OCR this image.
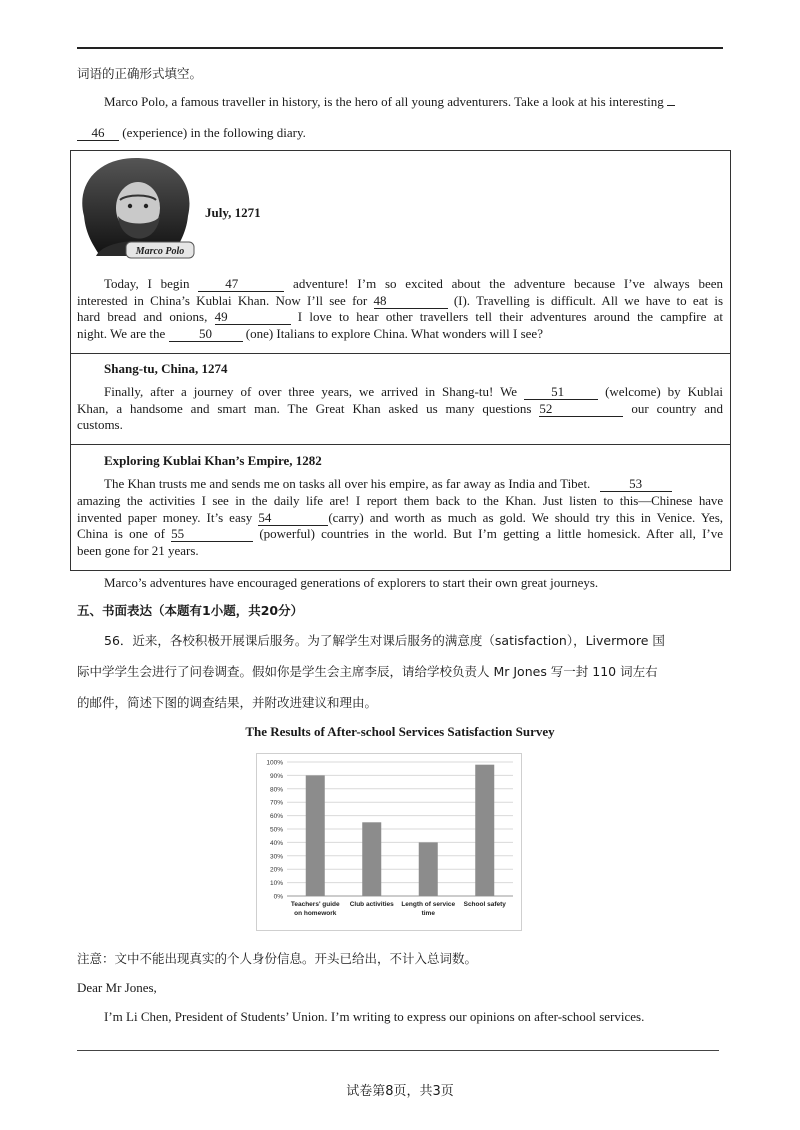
词语的正确形式填空。
Marco Polo, a famous traveller in history, is the hero of all young adventurers. Take a look at his interesting
46 (experience) in the following diary.
Marco Polo
July, 1271

Today, I begin	47	adventure! I’m so excited about the adventure because I’ve always been

interested in China’s Kublai Khan. Now I’ll see for 48	(I). Travelling is difficult. All we have to eat is
hard bread and onions, 49	I love to hear other travellers tell their adventures around the campfire at
night. We are the	50	(one) Italians to explore China. What wonders will I see?
Shang-tu, China, 1274

Finally, after a journey of over three years, we arrived in Shang-tu! We	51	(welcome) by Kublai

Khan, a handsome and smart man. The Great Khan asked us many questions 52	our country and
customs.
Exploring Kublai Khan’s Empire, 1282
The Khan trusts me and sends me on tasks all over his empire, as far away as India and Tibet.	53
amazing the activities I see in the daily life are! I report them back to the Khan. Just listen to this—Chinese have
invented paper money. It’s easy 54	(carry) and worth as much as gold. We should try this in Venice. Yes,
China is one of 55	(powerful) countries in the world. But I’m getting a little homesick. After all, I’ve
been gone for 21 years.
Marco’s adventures have encouraged generations of explorers to start their own great journeys.
五、书面表达（本题有1小题，共20分）
56．近来，各校积极开展课后服务。为了解学生对课后服务的满意度（satisfaction），Livermore 国
际中学学生会进行了问卷调查。假如你是学生会主席李辰，请给学校负责人 Mr Jones 写一封 110 词左右
的邮件，简述下图的调查结果，并附改进建议和理由。
The Results of After-school Services Satisfaction Survey
0%
10%
20%
30%
40%
50%
60%
70%
80%
90%
100%
Teachers' guide
on homework
Club activities Length of service
time
School safety
注意：文中不能出现真实的个人身份信息。开头已给出，不计入总词数。
Dear Mr Jones,
I’m Li Chen, President of Students’ Union. I’m writing to express our opinions on after-school services.
试卷第8页，共3页
